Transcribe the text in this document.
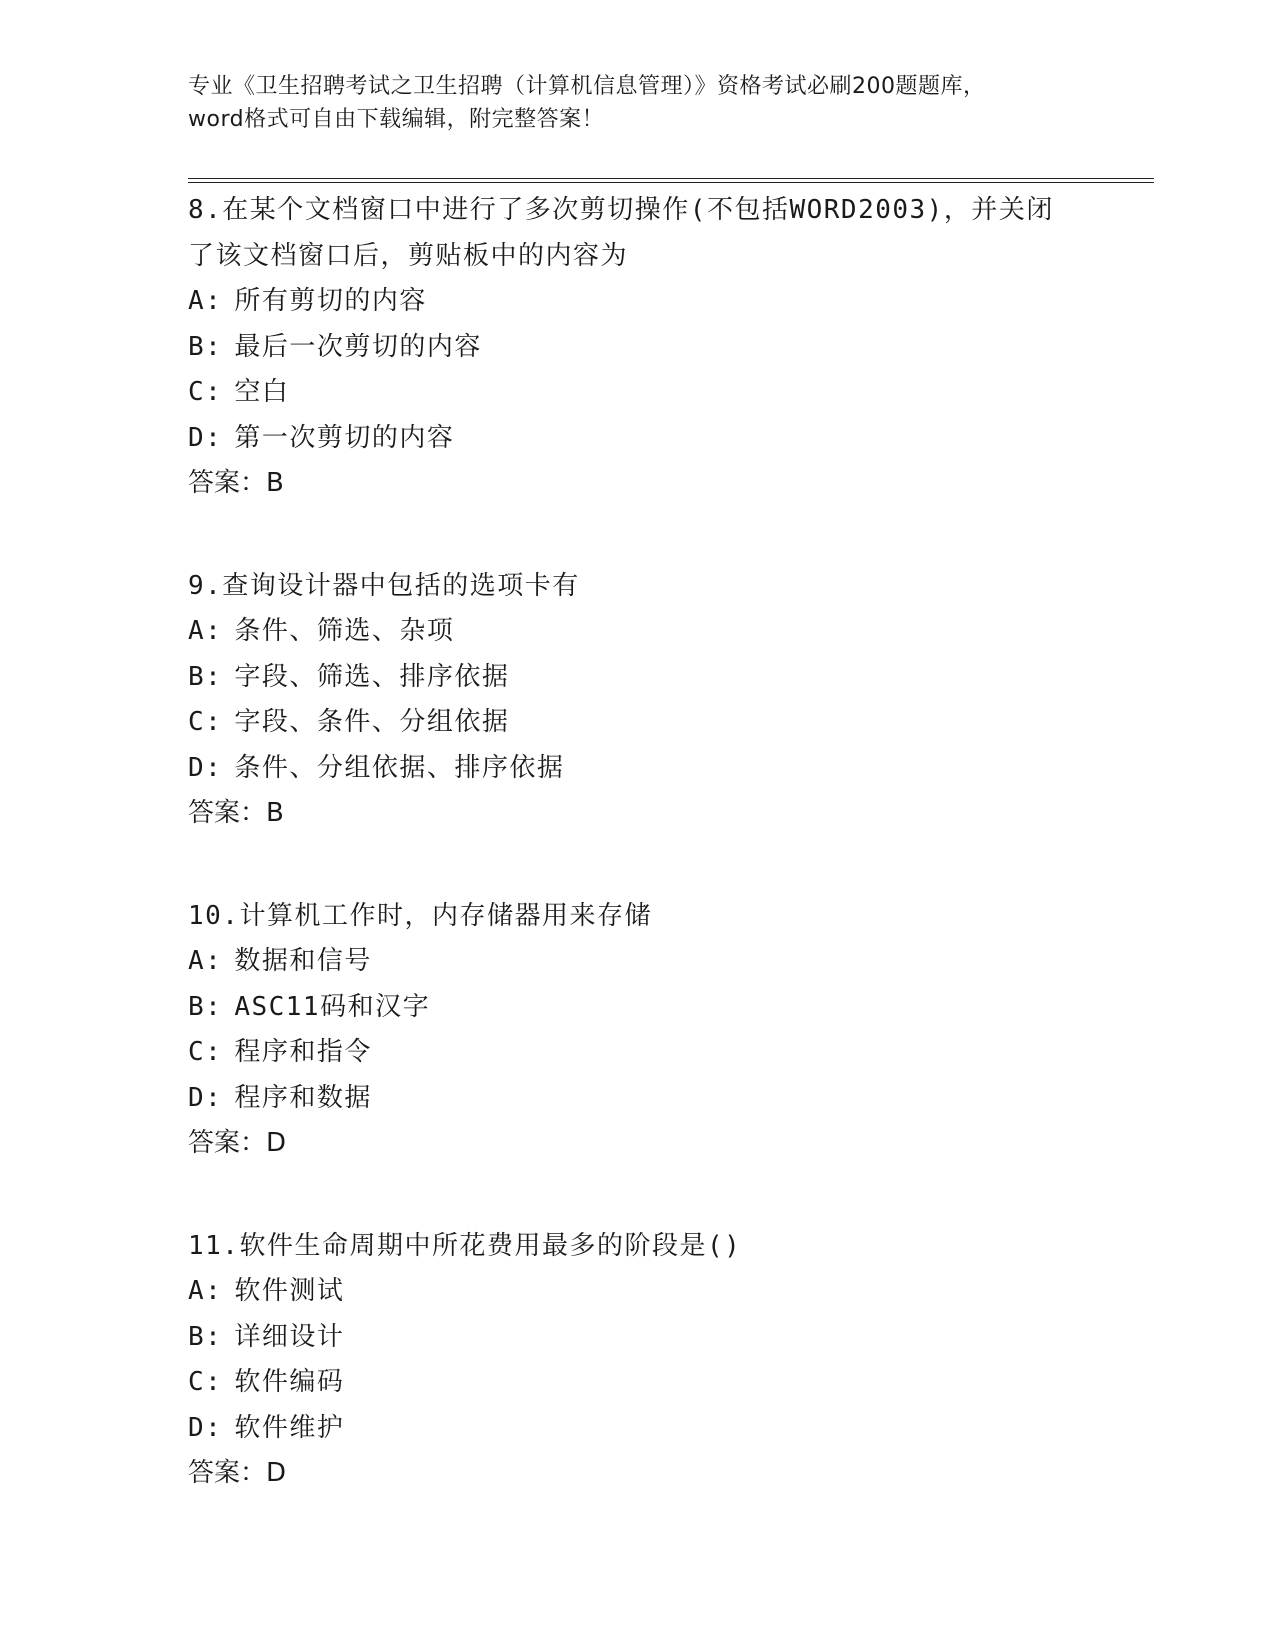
专业《卫生招聘考试之卫生招聘（计算机信息管理）》资格考试必刷200题题库，
word格式可自由下载编辑，附完整答案！
8.在某个文档窗口中进行了多次剪切操作(不包括WORD2003)，并关闭
了该文档窗口后，剪贴板中的内容为
A: 所有剪切的内容
B: 最后一次剪切的内容
C: 空白
D: 第一次剪切的内容
答案：B
9.查询设计器中包括的选项卡有
A: 条件、筛选、杂项
B: 字段、筛选、排序依据
C: 字段、条件、分组依据
D: 条件、分组依据、排序依据
答案：B
10.计算机工作时，内存储器用来存储
A: 数据和信号
B: ASC11码和汉字
C: 程序和指令
D: 程序和数据
答案：D
11.软件生命周期中所花费用最多的阶段是()
A: 软件测试
B: 详细设计
C: 软件编码
D: 软件维护
答案：D
